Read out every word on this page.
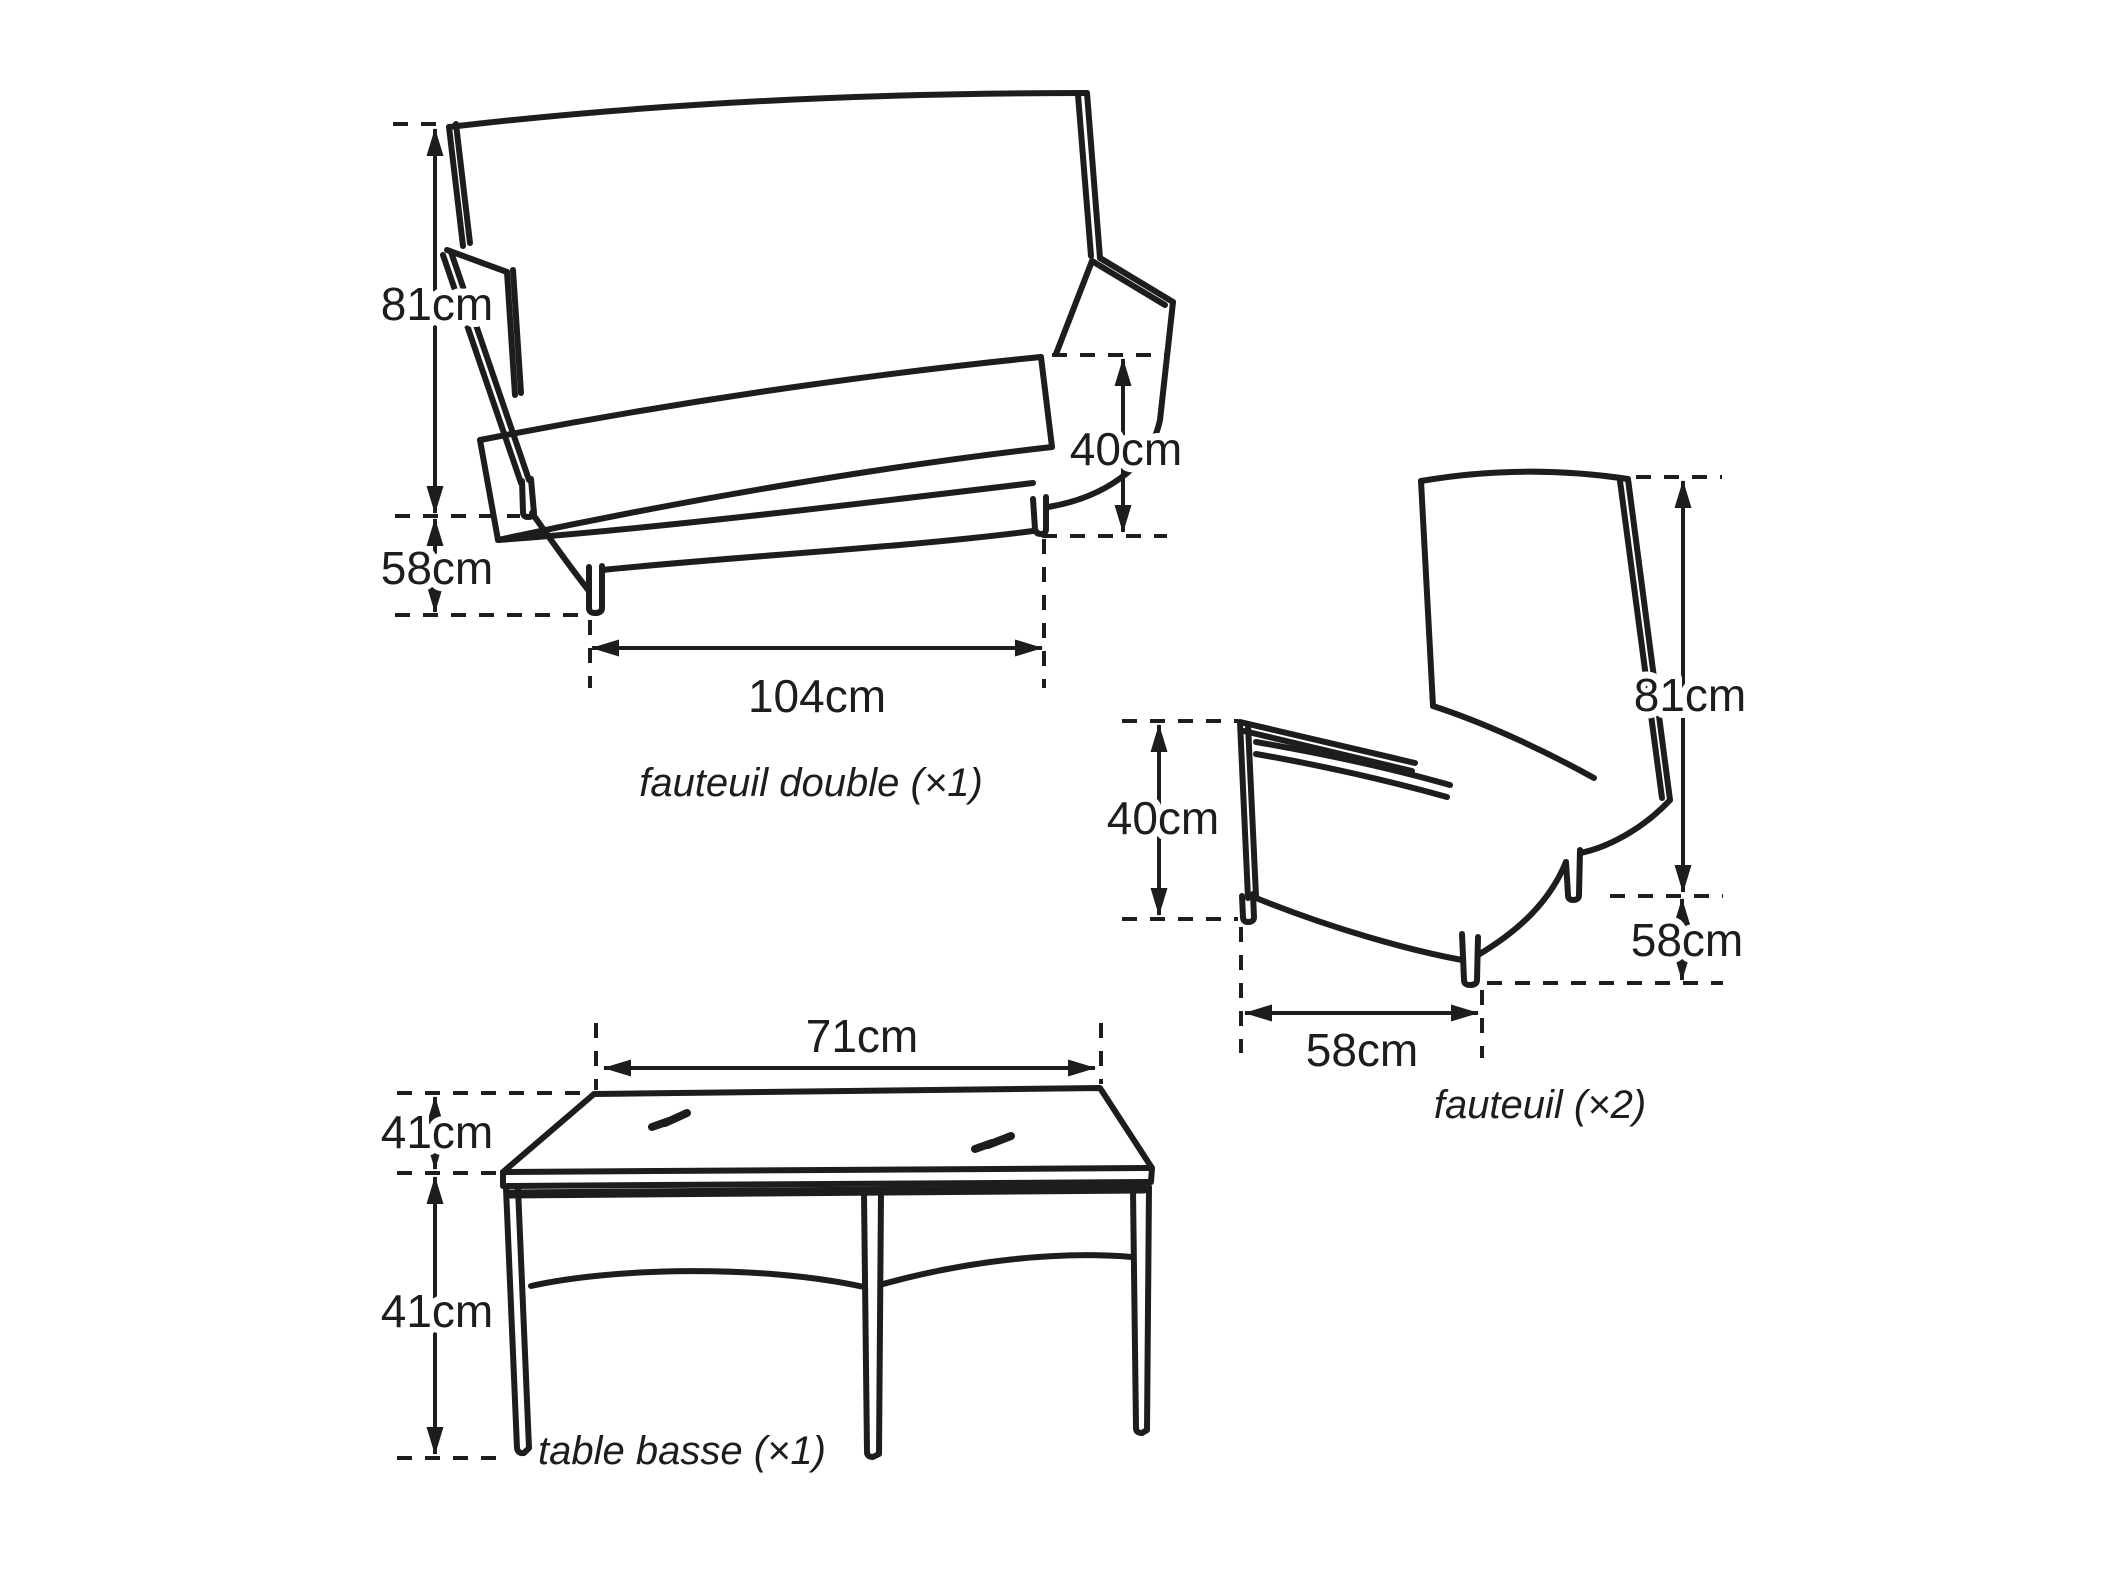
81cm
58cm
104cm
40cm
fauteuil double (×1)
40cm
81cm
58cm
58cm
fauteuil (×2)
71cm
41cm
41cm
table basse (×1)
